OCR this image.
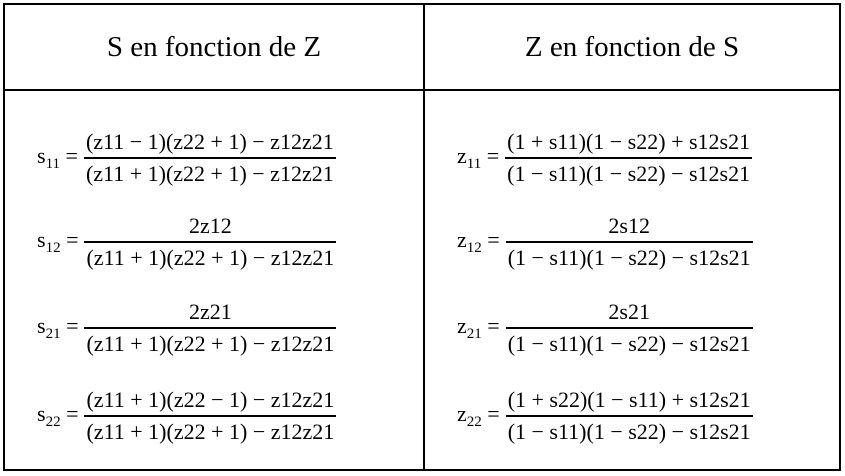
S en fonction de Z	Z en fonction de S
$s_{11} = \frac{(z11 - 1)(z22 + 1) - z12z21}{(z11 + 1)(z22 + 1) - z12z21}$
$s_{12} = \frac{2z12}{(z11 + 1)(z22 + 1) - z12z21}$
$s_{21} = \frac{2z21}{(z11 + 1)(z22 + 1) - z12z21}$
$s_{22} = \frac{(z11 + 1)(z22 - 1) - z12z21}{(z11 + 1)(z22 + 1) - z12z21}$
$z_{11} = \frac{(1 + s11)(1 - s22) + s12s21}{(1 - s11)(1 - s22) - s12s21}$
$z_{12} = \frac{2s12}{(1 - s11)(1 - s22) - s12s21}$
$z_{21} = \frac{2s21}{(1 - s11)(1 - s22) - s12s21}$
$z_{22} = \frac{(1 + s22)(1 - s11) + s12s21}{(1 - s11)(1 - s22) - s12s21}$
